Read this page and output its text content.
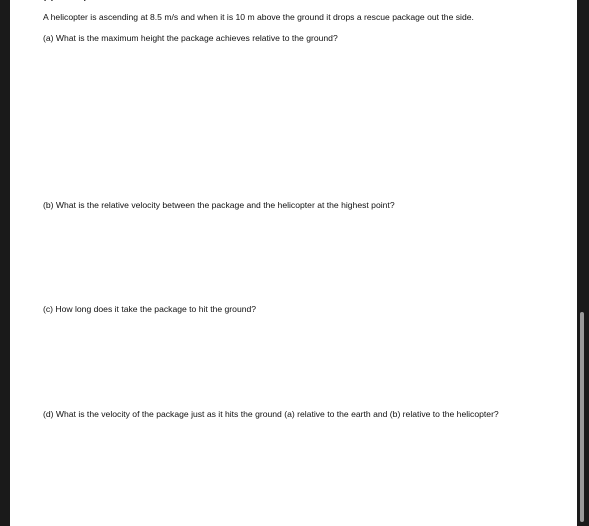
A helicopter is ascending at 8.5 m/s and when it is 10 m above the ground it drops a rescue package out the side.
(a) What is the maximum height the package achieves relative to the ground?
(b) What is the relative velocity between the package and the helicopter at the highest point?
(c) How long does it take the package to hit the ground?
(d) What is the velocity of the package just as it hits the ground (a) relative to the earth and (b) relative to the helicopter?
